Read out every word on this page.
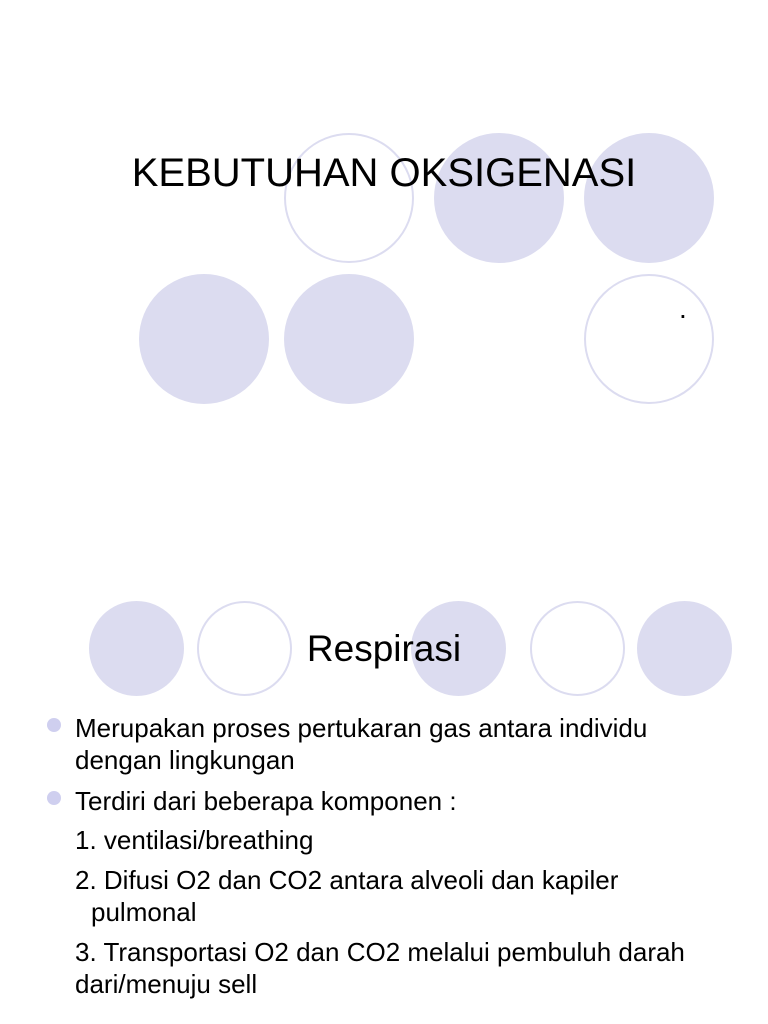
KEBUTUHAN OKSIGENASI
.
Respirasi
Merupakan proses pertukaran gas antara individu dengan lingkungan
Terdiri dari beberapa komponen :
1. ventilasi/breathing
2. Difusi O2 dan CO2 antara alveoli dan kapiler
pulmonal
3. Transportasi O2 dan CO2 melalui pembuluh darah dari/menuju sell
